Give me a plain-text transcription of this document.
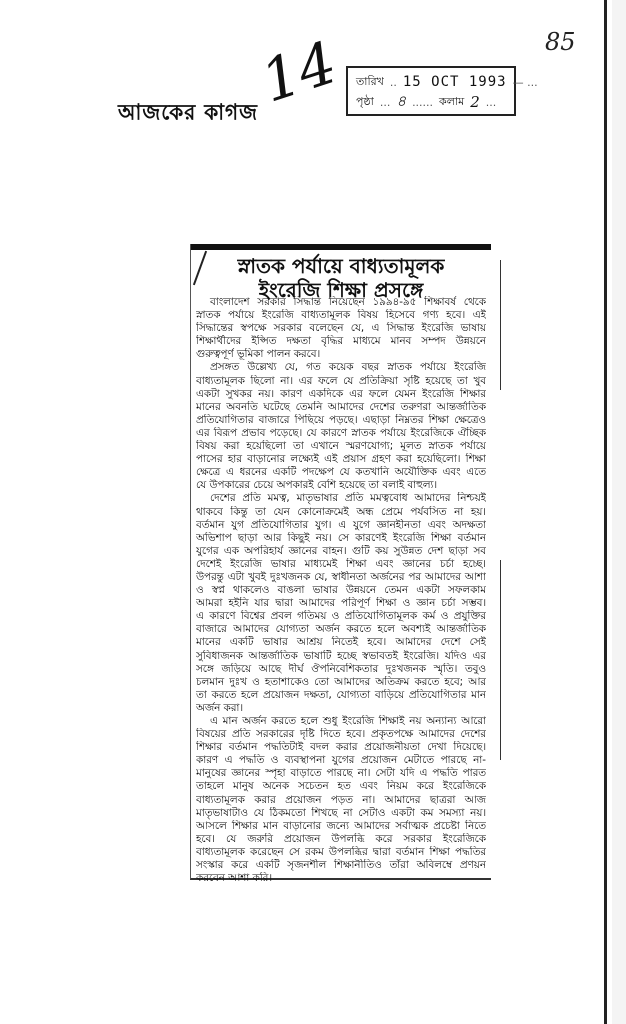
আজকের কাগজ
14	85
তারিখ .. 15 OCT 1993 — ...
পৃষ্ঠা ... ৪ ...... কলাম 2 ...
স্নাতক পর্যায়ে বাধ্যতামূলক
ইংরেজি শিক্ষা প্রসঙ্গে
বাংলাদেশ সরকার সিদ্ধান্ত নিয়েছেন ১৯৯৪-৯৫ শিক্ষাবর্ষ থেকে
স্নাতক পর্যায়ে ইংরেজি বাধ্যতামূলক বিষয় হিসেবে গণ্য হবে। এই
সিদ্ধান্তের স্বপক্ষে সরকার বলেছেন যে, এ সিদ্ধান্ত ইংরেজি ভাষায়
শিক্ষার্থীদের ইপ্সিত দক্ষতা বৃদ্ধির মাধ্যমে মানব সম্পদ উন্নয়নে
গুরুত্বপূর্ণ ভূমিকা পালন করবে।
প্রসঙ্গত উল্লেখ্য যে, গত কয়েক বছর স্নাতক পর্যায়ে ইংরেজি
বাধ্যতামূলক ছিলো না। এর ফলে যে প্রতিক্রিয়া সৃষ্টি হয়েছে তা খুব
একটা সুখকর নয়। কারণ একদিকে এর ফলে যেমন ইংরেজি শিক্ষার
মানের অবনতি ঘটেছে তেমনি আমাদের দেশের তরুণরা আন্তর্জাতিক
প্রতিযোগিতার বাজারে পিছিয়ে পড়ছে। এছাড়া নিম্নতর শিক্ষা ক্ষেত্রেও
এর বিরূপ প্রভাব পড়েছে। যে কারণে স্নাতক পর্যায়ে ইংরেজিকে ঐচ্ছিক
বিষয় করা হয়েছিলো তা এখানে স্মরণযোগ্য; মূলত স্নাতক পর্যায়ে
পাসের হার বাড়ানোর লক্ষ্যেই এই প্রয়াস গ্রহণ করা হয়েছিলো। শিক্ষা
ক্ষেত্রে এ ধরনের একটি পদক্ষেপ যে কতখানি অযৌক্তিক এবং এতে
যে উপকারের চেয়ে অপকারই বেশি হয়েছে তা বলাই বাহুল্য।
দেশের প্রতি মমত্ব, মাতৃভাষার প্রতি মমত্ববোধ আমাদের নিশ্চয়ই
থাকবে কিন্তু তা যেন কোনোক্রমেই অন্ধ প্রেমে পর্যবসিত না হয়।
বর্তমান যুগ প্রতিযোগিতার যুগ। এ যুগে জ্ঞানহীনতা এবং অদক্ষতা
অভিশাপ ছাড়া আর কিছুই নয়। সে কারণেই ইংরেজি শিক্ষা বর্তমান
যুগের এক অপরিহার্য জ্ঞানের বাহন। গুটি কয় সুউন্নত দেশ ছাড়া সব
দেশেই ইংরেজি ভাষার মাধ্যমেই শিক্ষা এবং জ্ঞানের চর্চা হচ্ছে।
উপরন্তু এটা খুবই দুঃখজনক যে, স্বাধীনতা অর্জনের পর আমাদের আশা
ও স্বপ্ন থাকলেও বাঙলা ভাষার উন্নয়নে তেমন একটা সফলকাম
আমরা হইনি যার দ্বারা আমাদের পরিপূর্ণ শিক্ষা ও জ্ঞান চর্চা সম্ভব।
এ কারণে বিশ্বের প্রবল গতিময় ও প্রতিযোগিতামূলক কর্ম ও প্রযুক্তির
বাজারে আমাদের যোগ্যতা অর্জন করতে হলে অবশ্যই আন্তর্জাতিক
মানের একটি ভাষার আশ্রয় নিতেই হবে। আমাদের দেশে সেই
সুবিধাজনক আন্তর্জাতিক ভাষাটি হচ্ছে স্বভাবতই ইংরেজি। যদিও এর
সঙ্গে জড়িয়ে আছে দীর্ঘ ঔপনিবেশিকতার দুঃখজনক স্মৃতি। তবুও
চলমান দুঃখ ও হতাশাকেও তো আমাদের অতিক্রম করতে হবে; আর
তা করতে হলে প্রয়োজন দক্ষতা, যোগ্যতা বাড়িয়ে প্রতিযোগিতার মান
অর্জন করা।
এ মান অর্জন করতে হলে শুধু ইংরেজি শিক্ষাই নয় অন্যান্য আরো
বিষয়ের প্রতি সরকারের দৃষ্টি দিতে হবে। প্রকৃতপক্ষে আমাদের দেশের
শিক্ষার বর্তমান পদ্ধতিটাই বদল করার প্রয়োজনীয়তা দেখা দিয়েছে।
কারণ এ পদ্ধতি ও ব্যবস্থাপনা যুগের প্রয়োজন মেটাতে পারছে না-
মানুষের জ্ঞানের স্পৃহা বাড়াতে পারছে না। সেটা যদি এ পদ্ধতি পারত
তাহলে মানুষ অনেক সচেতন হত এবং নিয়ম করে ইংরেজিকে
বাধ্যতামূলক করার প্রয়োজন পড়ত না। আমাদের ছাত্ররা আজ
মাতৃভাষাটাও যে ঠিকমতো শিখছে না সেটাও একটা কম সমস্যা নয়।
আসলে শিক্ষার মান বাড়ানোর জন্যে আমাদের সর্বাত্মক প্রচেষ্টা নিতে
হবে। যে জরুরি প্রয়োজন উপলব্ধি করে সরকার ইংরেজিকে
বাধ্যতামূলক করেছেন সে রকম উপলব্ধির দ্বারা বর্তমান শিক্ষা পদ্ধতির
সংস্কার করে একটি সৃজনশীল শিক্ষানীতিও তাঁরা অবিলম্বে প্রণয়ন
করবেন আশা করি।
